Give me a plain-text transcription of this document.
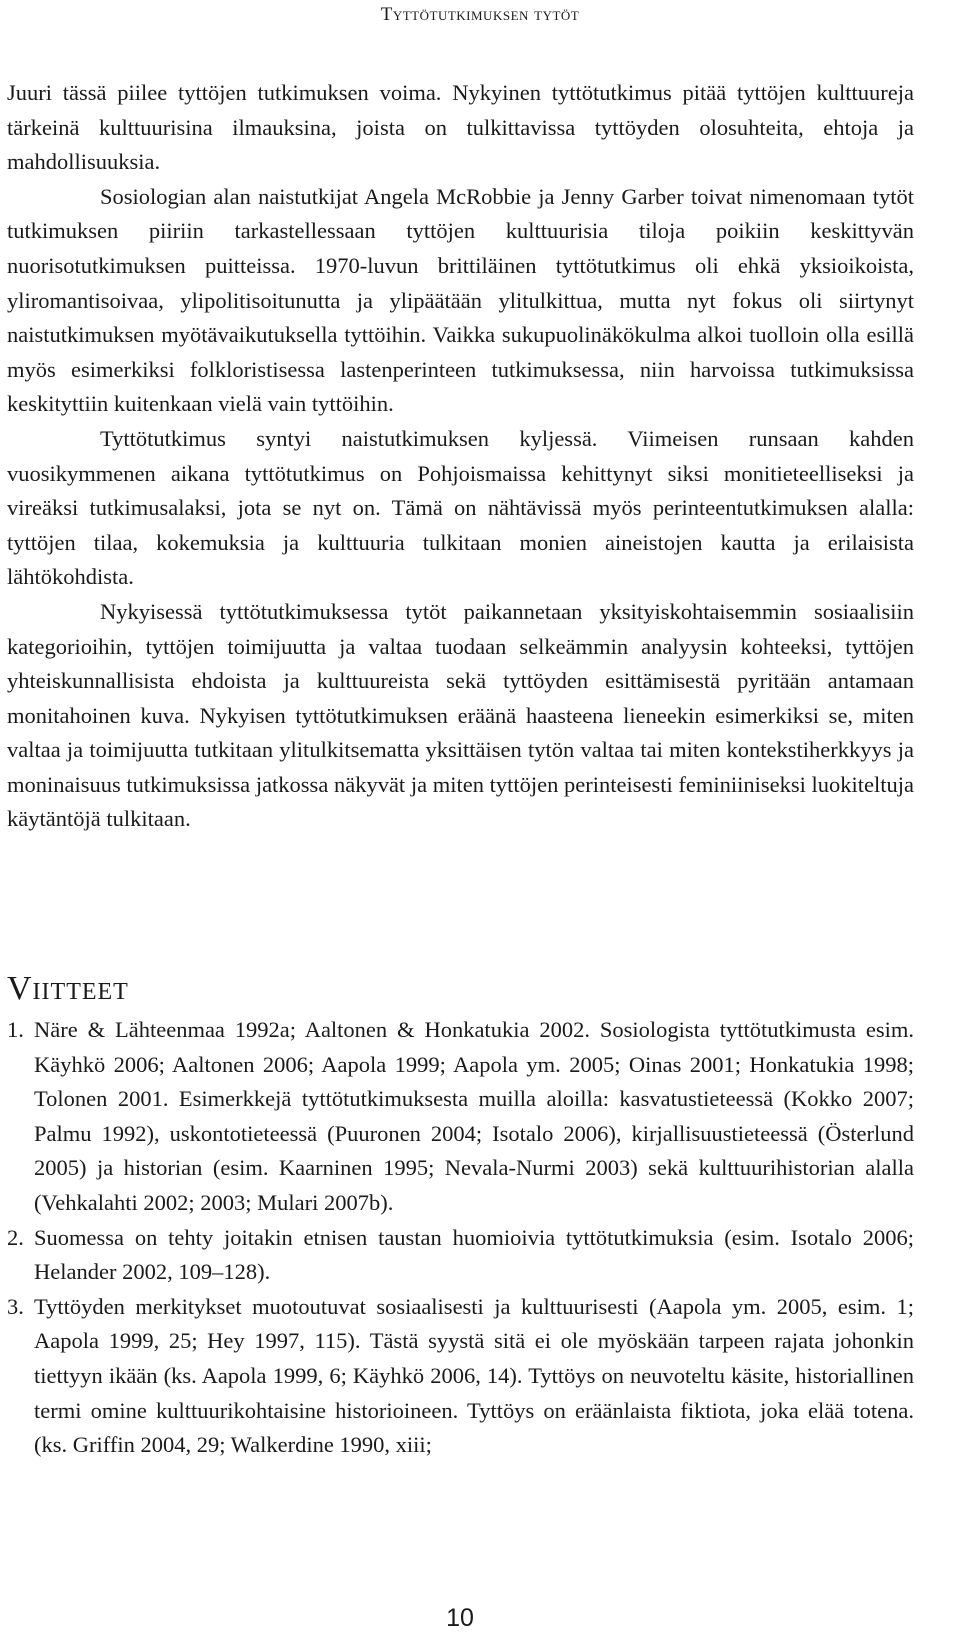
Tyttötutkimuksen tytöt

Juuri tässä piilee tyttöjen tutkimuksen voima. Nykyinen tyttötutkimus pitää tyttöjen kulttuureja tärkeinä kulttuurisina ilmauksina, joista on tulkittavissa tyttöyden olosuhteita, ehtoja ja mahdollisuuksia.

Sosiologian alan naistutkijat Angela McRobbie ja Jenny Garber toivat nimenomaan tytöt tutkimuksen piiriin tarkastellessaan tyttöjen kulttuurisia tiloja poikiin keskittyvän nuorisotutkimuksen puitteissa. 1970-luvun brittiläinen tyttötutkimus oli ehkä yksioikoista, yliromantisoivaa, ylipolitisoitunutta ja ylipäätään ylitulkittua, mutta nyt fokus oli siirtynyt naistutkimuksen myötävaikutuksella tyttöihin. Vaikka sukupuolinäkökulma alkoi tuolloin olla esillä myös esimerkiksi folkloristisessa lastenperinteen tutkimuksessa, niin harvoissa tutkimuksissa keskityttiin kuitenkaan vielä vain tyttöihin.

Tyttötutkimus syntyi naistutkimuksen kyljessä. Viimeisen runsaan kahden vuosikymmenen aikana tyttötutkimus on Pohjoismaissa kehittynyt siksi monitieteelliseksi ja vireäksi tutkimusalaksi, jota se nyt on. Tämä on nähtävissä myös perinteentutkimuksen alalla: tyttöjen tilaa, kokemuksia ja kulttuuria tulkitaan monien aineistojen kautta ja erilaisista lähtökohdista.

Nykyisessä tyttötutkimuksessa tytöt paikannetaan yksityiskohtaisemmin sosiaalisiin kategorioihin, tyttöjen toimijuutta ja valtaa tuodaan selkeämmin analyysin kohteeksi, tyttöjen yhteiskunnallisista ehdoista ja kulttuureista sekä tyttöyden esittämisestä pyritään antamaan monitahoinen kuva. Nykyisen tyttötutkimuksen eräänä haasteena lieneekin esimerkiksi se, miten valtaa ja toimijuutta tutkitaan ylitulkitsematta yksittäisen tytön valtaa tai miten kontekstiherkkyys ja moninaisuus tutkimuksissa jatkossa näkyvät ja miten tyttöjen perinteisesti feminiiniseksi luokiteltuja käytäntöjä tulkitaan.

Viitteet
1. Näre & Lähteenmaa 1992a; Aaltonen & Honkatukia 2002. Sosiologista tyttötutkimusta esim. Käyhkö 2006; Aaltonen 2006; Aapola 1999; Aapola ym. 2005; Oinas 2001; Honkatukia 1998; Tolonen 2001. Esimerkkejä tyttötutkimuksesta muilla aloilla: kasvatustieteessä (Kokko 2007; Palmu 1992), uskontotieteessä (Puuronen 2004; Isotalo 2006), kirjallisuustieteessä (Österlund 2005) ja historian (esim. Kaarninen 1995; Nevala-Nurmi 2003) sekä kulttuurihistorian alalla (Vehkalahti 2002; 2003; Mulari 2007b).
2. Suomessa on tehty joitakin etnisen taustan huomioivia tyttötutkimuksia (esim. Isotalo 2006; Helander 2002, 109–128).
3. Tyttöyden merkitykset muotoutuvat sosiaalisesti ja kulttuurisesti (Aapola ym. 2005, esim. 1; Aapola 1999, 25; Hey 1997, 115). Tästä syystä sitä ei ole myöskään tarpeen rajata johonkin tiettyyn ikään (ks. Aapola 1999, 6; Käyhkö 2006, 14). Tyttöys on neuvoteltu käsite, historiallinen termi omine kulttuurikohtaisine historioineen. Tyttöys on eräänlaista fiktiota, joka elää totena. (ks. Griffin 2004, 29; Walkerdine 1990, xiii;
10
